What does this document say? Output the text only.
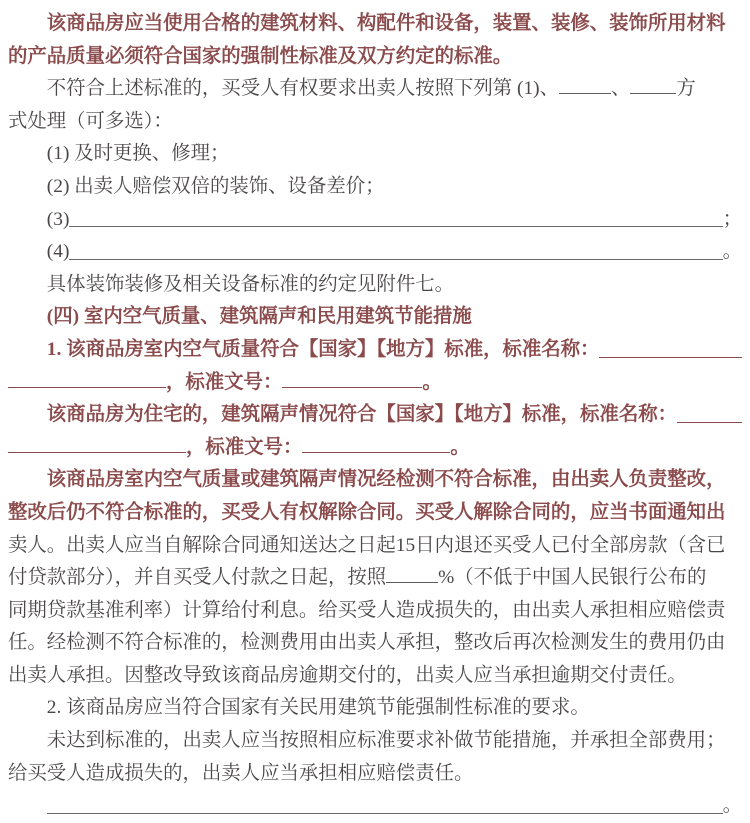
该商品房应当使用合格的建筑材料、构配件和设备，装置、装修、装饰所用材料
的产品质量必须符合国家的强制性标准及双方约定的标准。
不符合上述标准的，买受人有权要求出卖人按照下列第 (1)、	、 方
式处理（可多选）：
(1) 及时更换、修理；
(2) 出卖人赔偿双倍的装饰、设备差价；
(3)	；
(4)	。
具体装饰装修及相关设备标准的约定见附件七。
(四) 室内空气质量、建筑隔声和民用建筑节能措施
1. 该商品房室内空气质量符合【国家】【地方】标准，标准名称：
，标准文号：	。
该商品房为住宅的，建筑隔声情况符合【国家】【地方】标准，标准名称：
，标准文号：	。
该商品房室内空气质量或建筑隔声情况经检测不符合标准，由出卖人负责整改，
整改后仍不符合标准的，买受人有权解除合同。买受人解除合同的，应当书面通知出
卖人。出卖人应当自解除合同通知送达之日起15日内退还买受人已付全部房款（含已
付贷款部分），并自买受人付款之日起，按照	%（不低于中国人民银行公布的
同期贷款基准利率）计算给付利息。给买受人造成损失的，由出卖人承担相应赔偿责
任。经检测不符合标准的，检测费用由出卖人承担，整改后再次检测发生的费用仍由
出卖人承担。因整改导致该商品房逾期交付的，出卖人应当承担逾期交付责任。
2. 该商品房应当符合国家有关民用建筑节能强制性标准的要求。
未达到标准的，出卖人应当按照相应标准要求补做节能措施，并承担全部费用；
给买受人造成损失的，出卖人应当承担相应赔偿责任。
。
